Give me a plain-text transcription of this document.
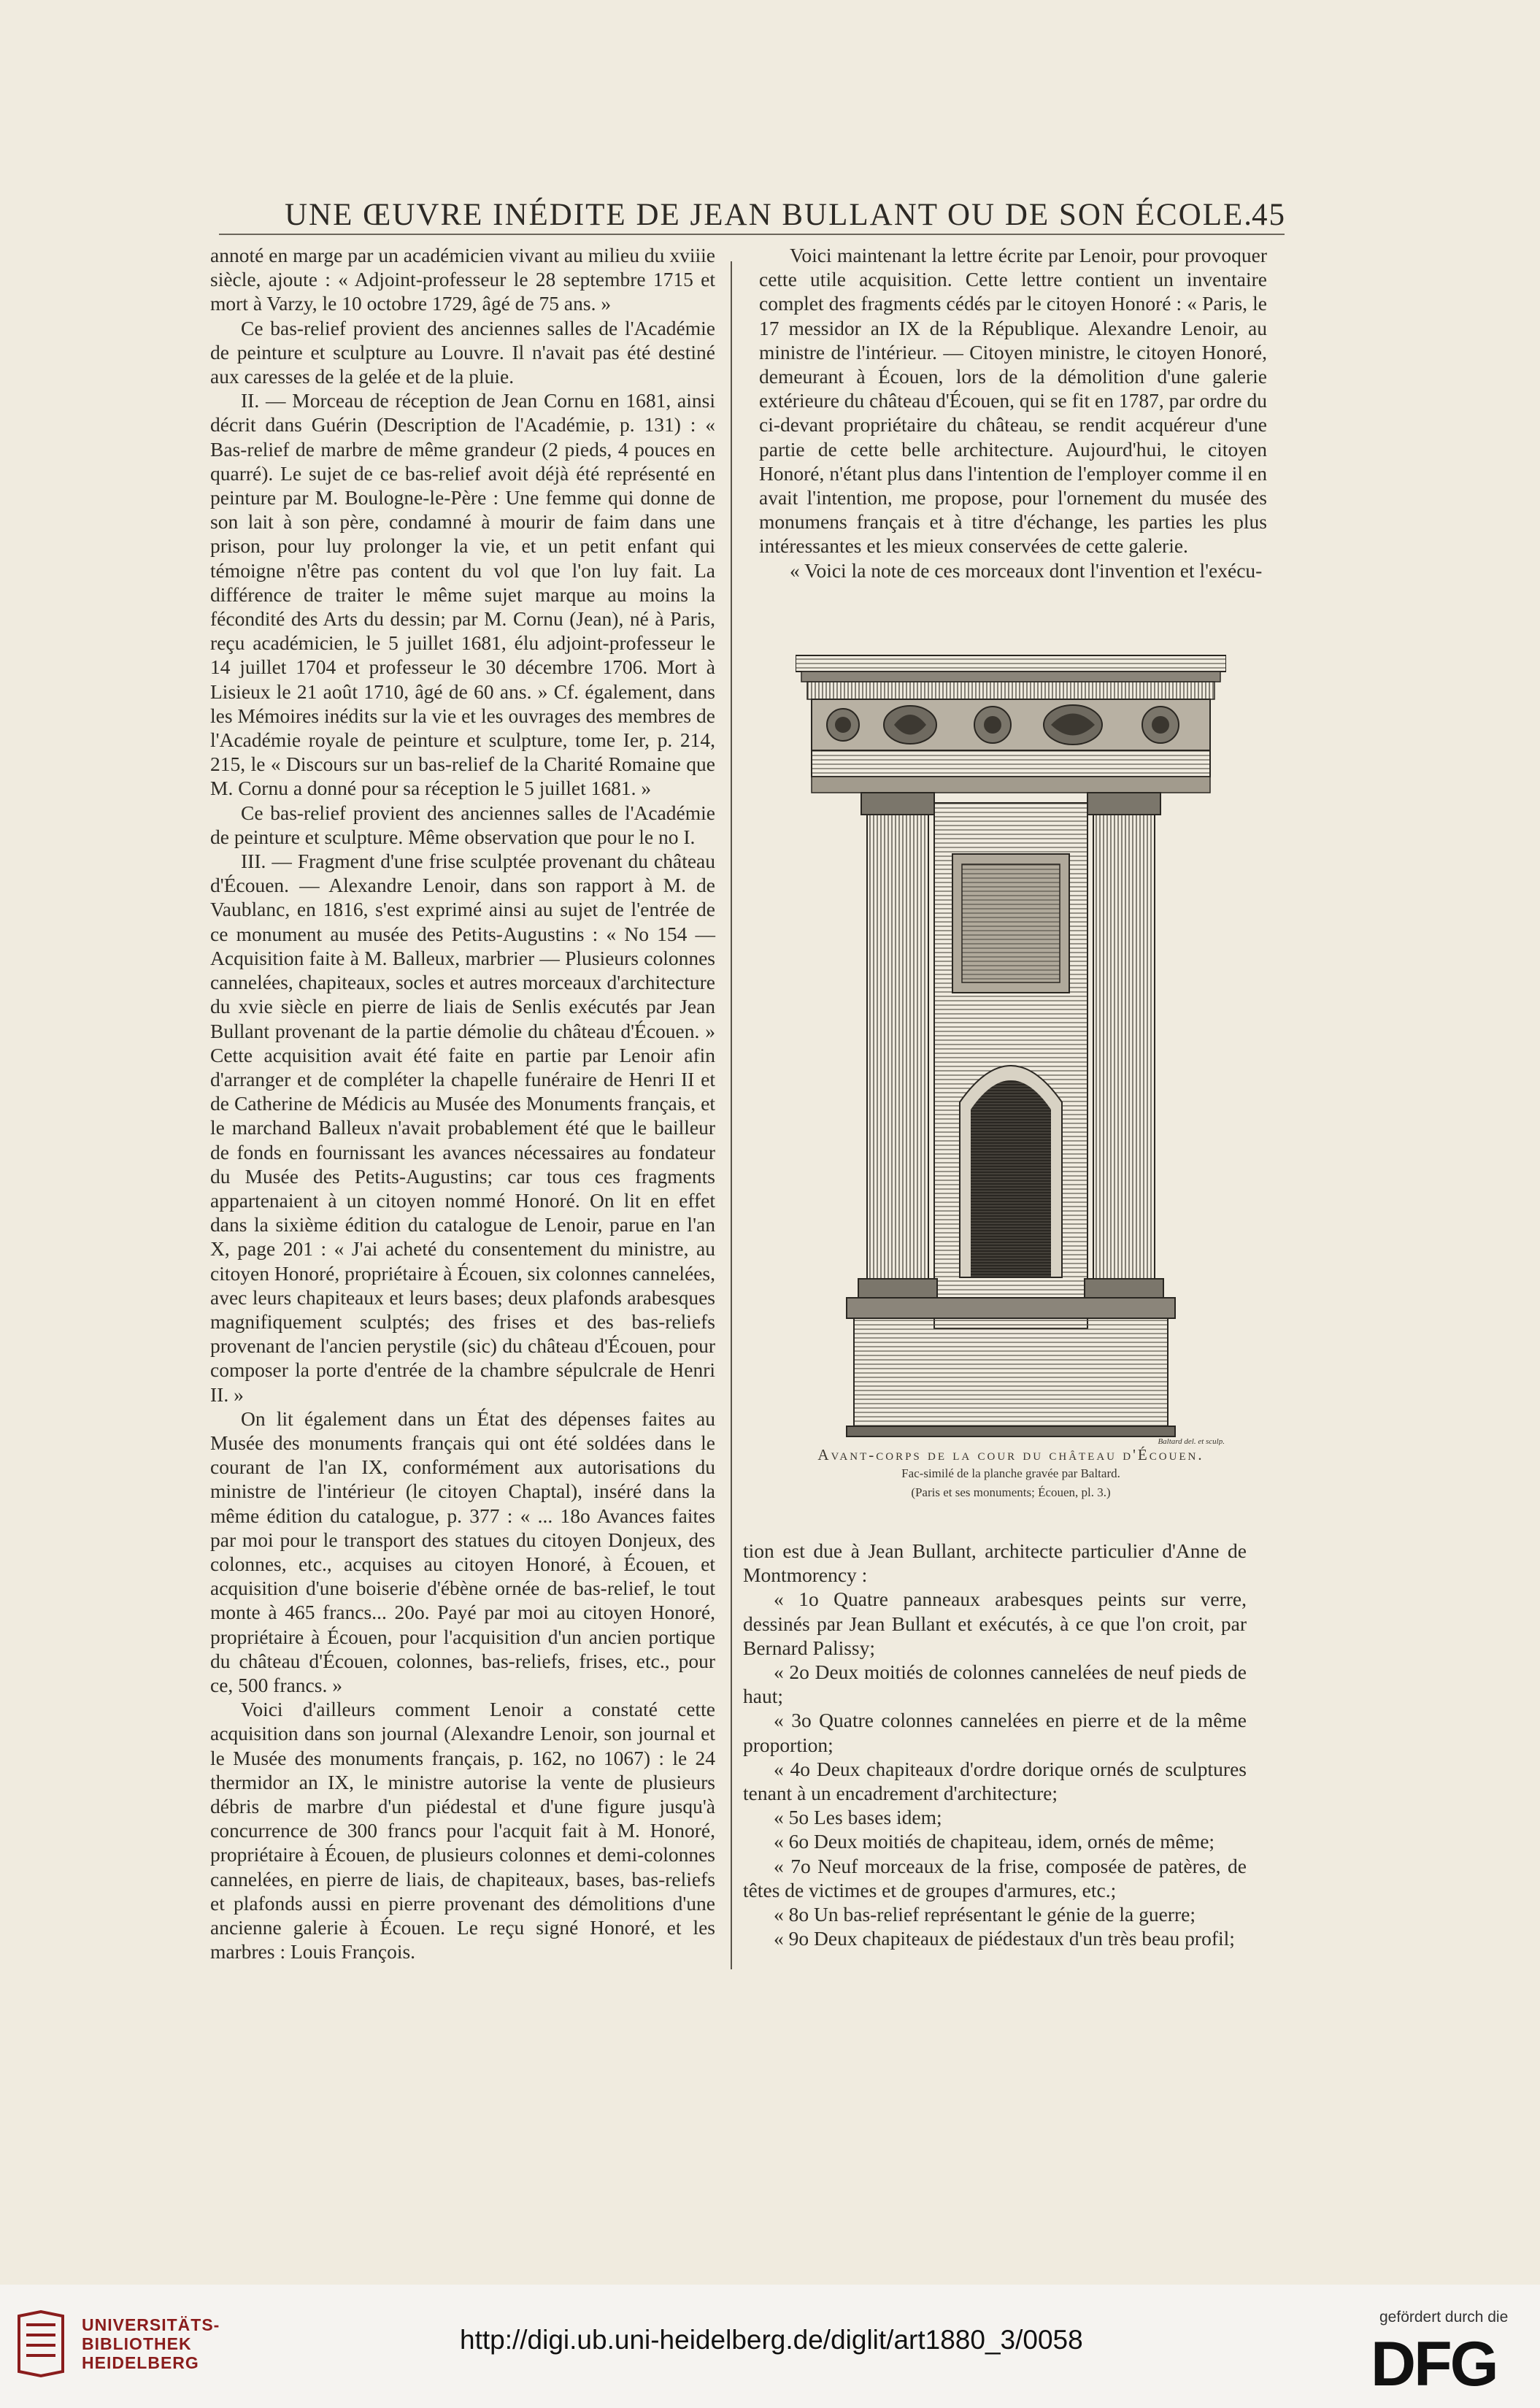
UNE ŒUVRE INÉDITE DE JEAN BULLANT OU DE SON ÉCOLE.
45

annoté en marge par un académicien vivant au milieu du xviiie siècle, ajoute : « Adjoint-professeur le 28 septembre 1715 et mort à Varzy, le 10 octobre 1729, âgé de 75 ans. »

Ce bas-relief provient des anciennes salles de l'Académie de peinture et sculpture au Louvre. Il n'avait pas été destiné aux caresses de la gelée et de la pluie.

II. — Morceau de réception de Jean Cornu en 1681, ainsi décrit dans Guérin (Description de l'Académie, p. 131) : « Bas-relief de marbre de même grandeur (2 pieds, 4 pouces en quarré). Le sujet de ce bas-relief avoit déjà été représenté en peinture par M. Boulogne-le-Père : Une femme qui donne de son lait à son père, condamné à mourir de faim dans une prison, pour luy prolonger la vie, et un petit enfant qui témoigne n'être pas content du vol que l'on luy fait. La différence de traiter le même sujet marque au moins la fécondité des Arts du dessin; par M. Cornu (Jean), né à Paris, reçu académicien, le 5 juillet 1681, élu adjoint-professeur le 14 juillet 1704 et professeur le 30 décembre 1706. Mort à Lisieux le 21 août 1710, âgé de 60 ans. » Cf. également, dans les Mémoires inédits sur la vie et les ouvrages des membres de l'Académie royale de peinture et sculpture, tome Ier, p. 214, 215, le « Discours sur un bas-relief de la Charité Romaine que M. Cornu a donné pour sa réception le 5 juillet 1681. »

Ce bas-relief provient des anciennes salles de l'Académie de peinture et sculpture. Même observation que pour le no I.

III. — Fragment d'une frise sculptée provenant du château d'Écouen. — Alexandre Lenoir, dans son rapport à M. de Vaublanc, en 1816, s'est exprimé ainsi au sujet de l'entrée de ce monument au musée des Petits-Augustins : « No 154 — Acquisition faite à M. Balleux, marbrier — Plusieurs colonnes cannelées, chapiteaux, socles et autres morceaux d'architecture du xvie siècle en pierre de liais de Senlis exécutés par Jean Bullant provenant de la partie démolie du château d'Écouen. » Cette acquisition avait été faite en partie par Lenoir afin d'arranger et de compléter la chapelle funéraire de Henri II et de Catherine de Médicis au Musée des Monuments français, et le marchand Balleux n'avait probablement été que le bailleur de fonds en fournissant les avances nécessaires au fondateur du Musée des Petits-Augustins; car tous ces fragments appartenaient à un citoyen nommé Honoré. On lit en effet dans la sixième édition du catalogue de Lenoir, parue en l'an X, page 201 : « J'ai acheté du consentement du ministre, au citoyen Honoré, propriétaire à Écouen, six colonnes cannelées, avec leurs chapiteaux et leurs bases; deux plafonds arabesques magnifiquement sculptés; des frises et des bas-reliefs provenant de l'ancien perystile (sic) du château d'Écouen, pour composer la porte d'entrée de la chambre sépulcrale de Henri II. »

On lit également dans un État des dépenses faites au Musée des monuments français qui ont été soldées dans le courant de l'an IX, conformément aux autorisations du ministre de l'intérieur (le citoyen Chaptal), inséré dans la même édition du catalogue, p. 377 : « ... 18o Avances faites par moi pour le transport des statues du citoyen Donjeux, des colonnes, etc., acquises au citoyen Honoré, à Écouen, et acquisition d'une boiserie d'ébène ornée de bas-relief, le tout monte à 465 francs... 20o. Payé par moi au citoyen Honoré, propriétaire à Écouen, pour l'acquisition d'un ancien portique du château d'Écouen, colonnes, bas-reliefs, frises, etc., pour ce, 500 francs. »

Voici d'ailleurs comment Lenoir a constaté cette acquisition dans son journal (Alexandre Lenoir, son journal et le Musée des monuments français, p. 162, no 1067) : le 24 thermidor an IX, le ministre autorise la vente de plusieurs débris de marbre d'un piédestal et d'une figure jusqu'à concurrence de 300 francs pour l'acquit fait à M. Honoré, propriétaire à Écouen, de plusieurs colonnes et demi-colonnes cannelées, en pierre de liais, de chapiteaux, bases, bas-reliefs et plafonds aussi en pierre provenant des démolitions d'une ancienne galerie à Écouen. Le reçu signé Honoré, et les marbres : Louis François.

Voici maintenant la lettre écrite par Lenoir, pour provoquer cette utile acquisition. Cette lettre contient un inventaire complet des fragments cédés par le citoyen Honoré : « Paris, le 17 messidor an IX de la République. Alexandre Lenoir, au ministre de l'intérieur. — Citoyen ministre, le citoyen Honoré, demeurant à Écouen, lors de la démolition d'une galerie extérieure du château d'Écouen, qui se fit en 1787, par ordre du ci-devant propriétaire du château, se rendit acquéreur d'une partie de cette belle architecture. Aujourd'hui, le citoyen Honoré, n'étant plus dans l'intention de l'employer comme il en avait l'intention, me propose, pour l'ornement du musée des monumens français et à titre d'échange, les parties les plus intéressantes et les mieux conservées de cette galerie.

« Voici la note de ces morceaux dont l'invention et l'exécu-

Baltard del. et sculp.
Avant-corps de la cour du château d'Écouen.
Fac-similé de la planche gravée par Baltard.
(Paris et ses monuments; Écouen, pl. 3.)

tion est due à Jean Bullant, architecte particulier d'Anne de Montmorency :

« 1o Quatre panneaux arabesques peints sur verre, dessinés par Jean Bullant et exécutés, à ce que l'on croit, par Bernard Palissy;

« 2o Deux moitiés de colonnes cannelées de neuf pieds de haut;

« 3o Quatre colonnes cannelées en pierre et de la même proportion;

« 4o Deux chapiteaux d'ordre dorique ornés de sculptures tenant à un encadrement d'architecture;

« 5o Les bases idem;

« 6o Deux moitiés de chapiteau, idem, ornés de même;

« 7o Neuf morceaux de la frise, composée de patères, de têtes de victimes et de groupes d'armures, etc.;

« 8o Un bas-relief représentant le génie de la guerre;

« 9o Deux chapiteaux de piédestaux d'un très beau profil;

UNIVERSITÄTS-
BIBLIOTHEK
HEIDELBERG
http://digi.ub.uni-heidelberg.de/diglit/art1880_3/0058
gefördert durch die
DFG
